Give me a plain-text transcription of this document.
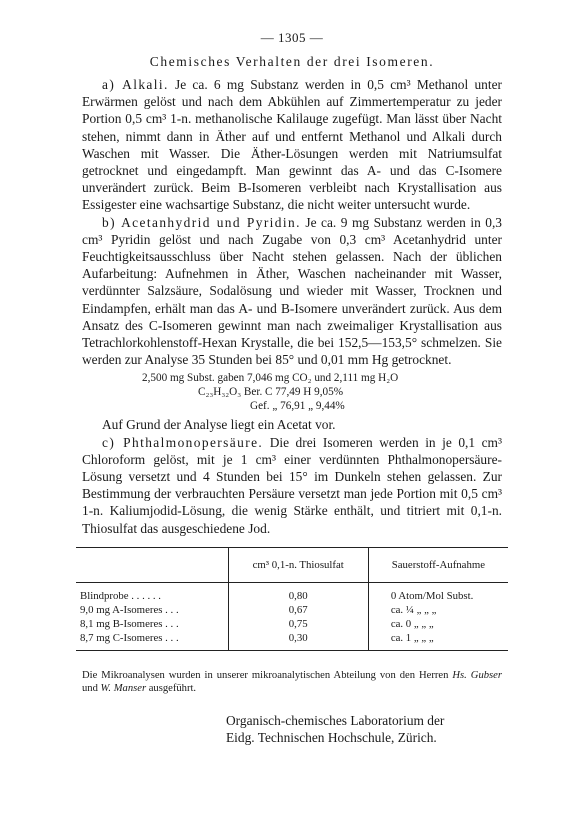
— 1305 —
Chemisches Verhalten der drei Isomeren.

a) Alkali. Je ca. 6 mg Substanz werden in 0,5 cm³ Methanol unter Erwärmen gelöst und nach dem Abkühlen auf Zimmertemperatur zu jeder Portion 0,5 cm³ 1-n. methanolische Kalilauge zugefügt. Man lässt über Nacht stehen, nimmt dann in Äther auf und entfernt Methanol und Alkali durch Waschen mit Wasser. Die Äther-Lösungen werden mit Natriumsulfat getrocknet und eingedampft. Man gewinnt das A- und das C-Isomere unverändert zurück. Beim B-Isomeren verbleibt nach Krystallisation aus Essigester eine wachsartige Substanz, die nicht weiter untersucht wurde.

b) Acetanhydrid und Pyridin. Je ca. 9 mg Substanz werden in 0,3 cm³ Pyridin gelöst und nach Zugabe von 0,3 cm³ Acetanhydrid unter Feuchtigkeitsausschluss über Nacht stehen gelassen. Nach der üblichen Aufarbeitung: Aufnehmen in Äther, Waschen nacheinander mit Wasser, verdünnter Salzsäure, Sodalösung und wieder mit Wasser, Trocknen und Eindampfen, erhält man das A- und B-Isomere unverändert zurück. Aus dem Ansatz des C-Isomeren gewinnt man nach zweimaliger Krystallisation aus Tetrachlorkohlenstoff-Hexan Krystalle, die bei 152,5—153,5° schmelzen. Sie werden zur Analyse 35 Stunden bei 85° und 0,01 mm Hg getrocknet.

2,500 mg Subst. gaben 7,046 mg CO₂ und 2,111 mg H₂O
C₂₃H₃₂O₃ Ber. C 77,49 H 9,05%
Gef. „ 76,91 „ 9,44%

Auf Grund der Analyse liegt ein Acetat vor.

c) Phthalmonopersäure. Die drei Isomeren werden in je 0,1 cm³ Chloroform gelöst, mit je 1 cm³ einer verdünnten Phthalmonopersäure-Lösung versetzt und 4 Stunden bei 15° im Dunkeln stehen gelassen. Zur Bestimmung der verbrauchten Persäure versetzt man jede Portion mit 0,5 cm³ 1-n. Kaliumjodid-Lösung, die wenig Stärke enthält, und titriert mit 0,1-n. Thiosulfat das ausgeschiedene Jod.

	cm³ 0,1-n. Thiosulfat	Sauerstoff-Aufnahme
Blindprobe . . . . . .	0,80	0 Atom/Mol Subst.
9,0 mg A-Isomeres . . .	0,67	ca. ¼ „ „ „
8,1 mg B-Isomeres . . .	0,75	ca. 0 „ „ „
8,7 mg C-Isomeres . . .	0,30	ca. 1 „ „ „
Die Mikroanalysen wurden in unserer mikroanalytischen Abteilung von den Herren Hs. Gubser und W. Manser ausgeführt.
Organisch-chemisches Laboratorium der
Eidg. Technischen Hochschule, Zürich.
